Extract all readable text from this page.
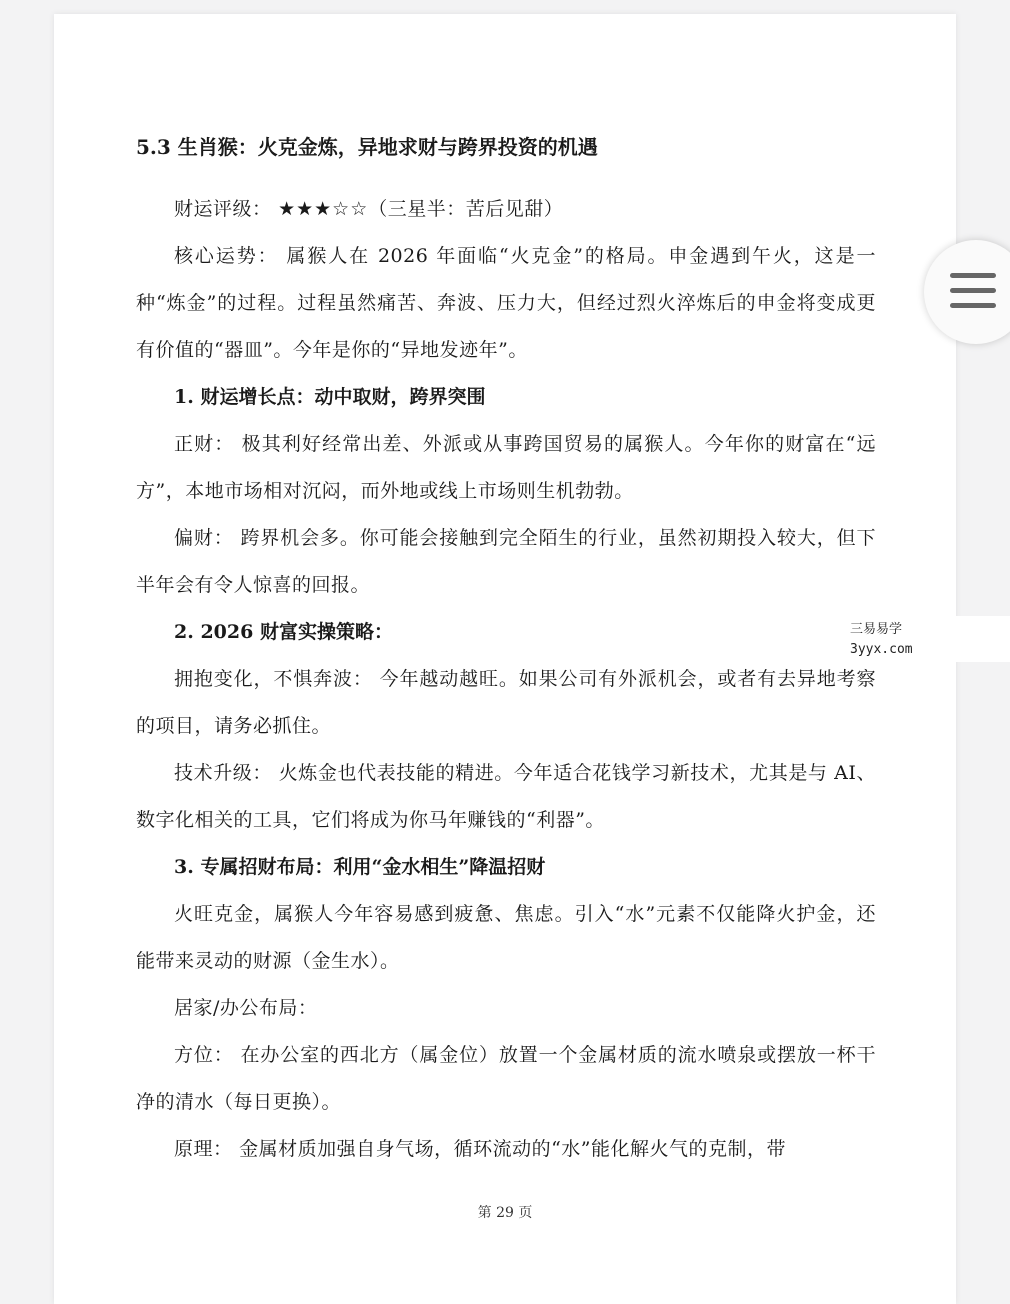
5.3 生肖猴：火克金炼，异地求财与跨界投资的机遇

财运评级： ★★★☆☆（三星半：苦后见甜）

核心运势： 属猴人在 2026 年面临“火克金”的格局。申金遇到午火，这是一种“炼金”的过程。过程虽然痛苦、奔波、压力大，但经过烈火淬炼后的申金将变成更有价值的“器皿”。今年是你的“异地发迹年”。

1. 财运增长点：动中取财，跨界突围

正财： 极其利好经常出差、外派或从事跨国贸易的属猴人。今年你的财富在“远方”，本地市场相对沉闷，而外地或线上市场则生机勃勃。

偏财： 跨界机会多。你可能会接触到完全陌生的行业，虽然初期投入较大，但下半年会有令人惊喜的回报。

2. 2026 财富实操策略：

拥抱变化，不惧奔波： 今年越动越旺。如果公司有外派机会，或者有去异地考察的项目，请务必抓住。

技术升级： 火炼金也代表技能的精进。今年适合花钱学习新技术，尤其是与 AI、数字化相关的工具，它们将成为你马年赚钱的“利器”。

3. 专属招财布局：利用“金水相生”降温招财

火旺克金，属猴人今年容易感到疲惫、焦虑。引入“水”元素不仅能降火护金，还能带来灵动的财源（金生水）。

居家/办公布局：

方位： 在办公室的西北方（属金位）放置一个金属材质的流水喷泉或摆放一杯干净的清水（每日更换）。

原理： 金属材质加强自身气场，循环流动的“水”能化解火气的克制，带

第 29 页
三易易学
3yyx.com
